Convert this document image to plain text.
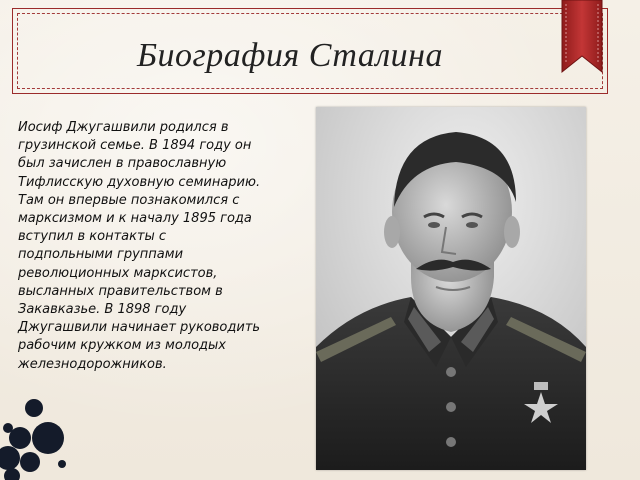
Биография Сталина

Иосиф Джугашвили родился в грузинской семье. В 1894 году он был зачислен в православную Тифлисскую духовную семинарию. Там он впервые познакомился с марксизмом и к началу 1895 года вступил в контакты с подпольными группами революционных марксистов, высланных правительством в Закавказье. В 1898 году Джугашвили начинает руководить рабочим кружком из молодых железнодорожников.
